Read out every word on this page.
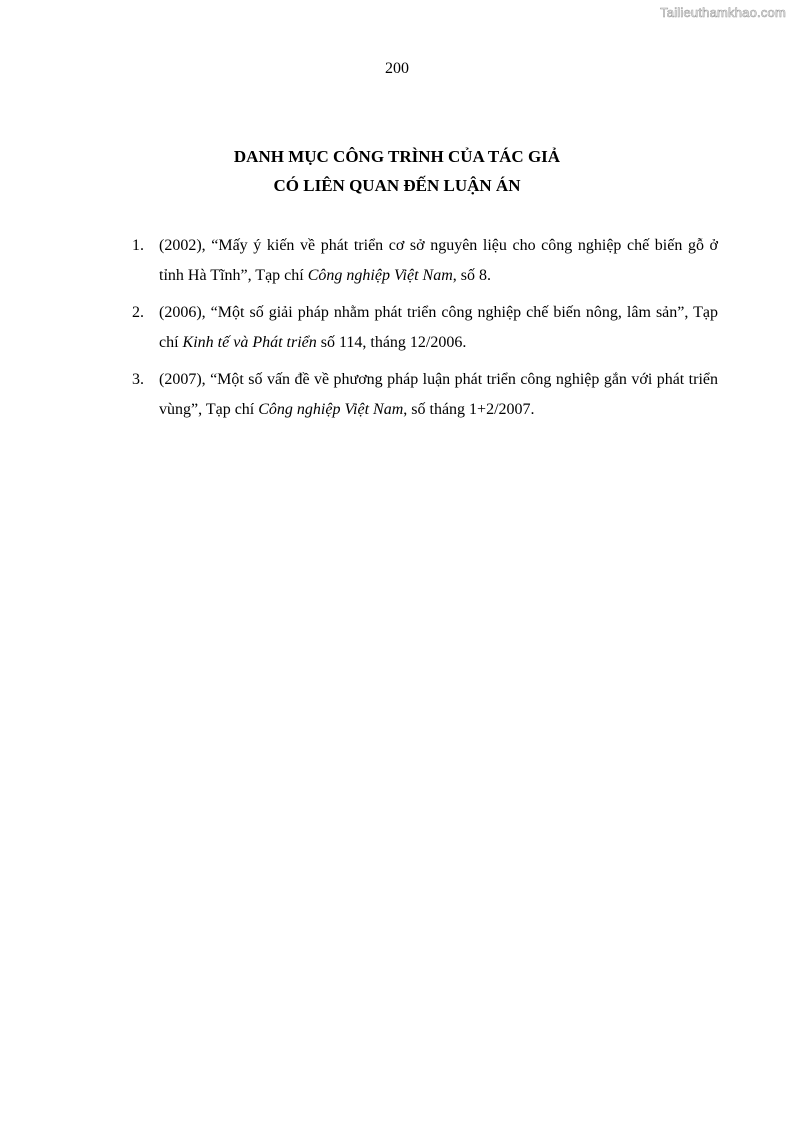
Tailieuthamkhao.com
200
DANH MỤC CÔNG TRÌNH CỦA TÁC GIẢ
CÓ LIÊN QUAN ĐẾN LUẬN ÁN
1. (2002), “Mấy ý kiến về phát triển cơ sở nguyên liệu cho công nghiệp chế biến gỗ ở tỉnh Hà Tĩnh”, Tạp chí Công nghiệp Việt Nam, số 8.
2. (2006), “Một số giải pháp nhằm phát triển công nghiệp chế biến nông, lâm sản”, Tạp chí Kinh tế và Phát triển số 114, tháng 12/2006.
3. (2007), “Một số vấn đề về phương pháp luận phát triển công nghiệp gắn với phát triển vùng”, Tạp chí Công nghiệp Việt Nam, số tháng 1+2/2007.
